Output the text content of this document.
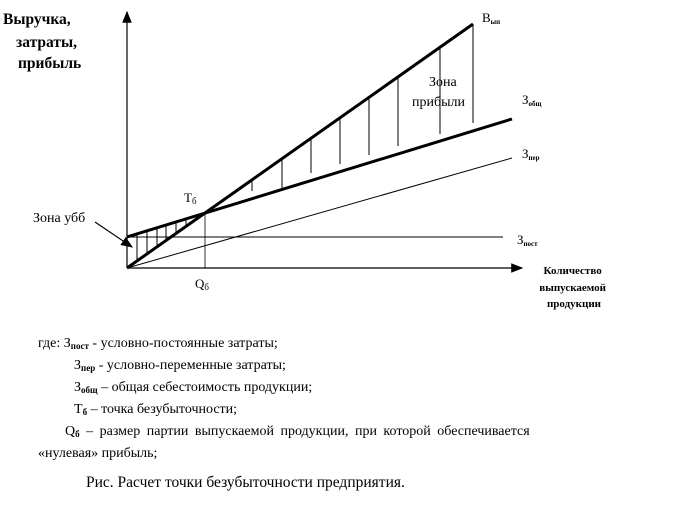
Выручка, затраты, прибыль
Количество выпускаемой продукции
Зона прибыли
Зона убб
Тб
Qб
Вып
Зобщ
Зпер
Зпост

где: $З_{пост}$ - условно-постоянные затраты;

$З_{пер}$ - условно-переменные затраты;

$З_{общ}$ – общая себестоимость продукции;

$Т_б$ – точка безубыточности;

$Q_б$ – размер партии выпускаемой продукции, при которой обеспечивается

«нулевая» прибыль;

Рис. Расчет точки безубыточности предприятия.
